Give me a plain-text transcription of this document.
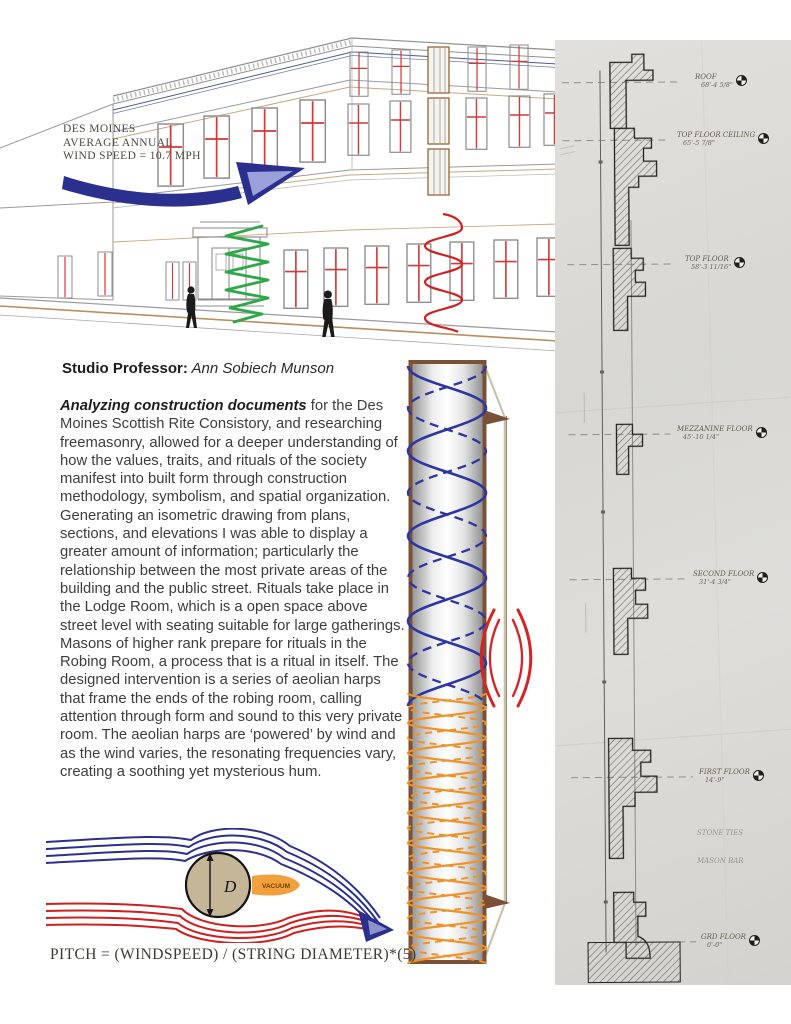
DES MOINES
AVERAGE ANNUAL
WIND SPEED = 10.7 MPH
Studio Professor: Ann Sobiech Munson
Analyzing construction documents for the Des Moines Scottish Rite Consistory, and researching freemasonry, allowed for a deeper understanding of how the values, traits, and rituals of the society manifest into built form through construction methodology, symbolism, and spatial organization. Generating an isometric drawing from plans, sections, and elevations I was able to display a greater amount of information; particularly the relationship between the most private areas of the building and the public street. Rituals take place in the Lodge Room, which is a open space above street level with seating suitable for large gatherings. Masons of higher rank prepare for rituals in the Robing Room, a process that is a ritual in itself. The designed intervention is a series of aeolian harps that frame the ends of the robing room, calling attention through form and sound to this very private room. The aeolian harps are ‘powered’ by wind and as the wind varies, the resonating frequencies vary, creating a soothing yet mysterious hum.
VACUUM
D
PITCH = (WINDSPEED) / (STRING DIAMETER)*(5)
ROOF
68'-4 5/8"
TOP FLOOR CEILING
65'-5 7/8"
TOP FLOOR
58'-3 11/16"
MEZZANINE FLOOR
45'-10 1/4"
SECOND FLOOR
31'-4 3/4"
FIRST FLOOR
14'-9"
STONE TIES
MASON BAR
GRD FLOOR
0'-0"
